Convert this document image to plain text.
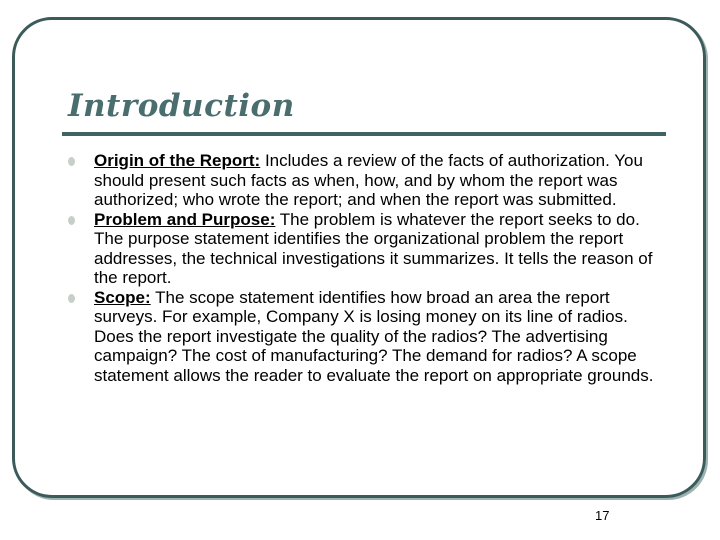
Introduction
Origin of the Report: Includes a review of the facts of authorization. You should present such facts as when, how, and by whom the report was authorized; who wrote the report; and when the report was submitted.
Problem and Purpose: The problem is whatever the report seeks to do. The purpose statement identifies the organizational problem the report addresses, the technical investigations it summarizes. It tells the reason of the report.
Scope: The scope statement identifies how broad an area the report surveys. For example, Company X is losing money on its line of radios. Does the report investigate the quality of the radios? The advertising campaign? The cost of manufacturing? The demand for radios? A scope statement allows the reader to evaluate the report on appropriate grounds.
17
